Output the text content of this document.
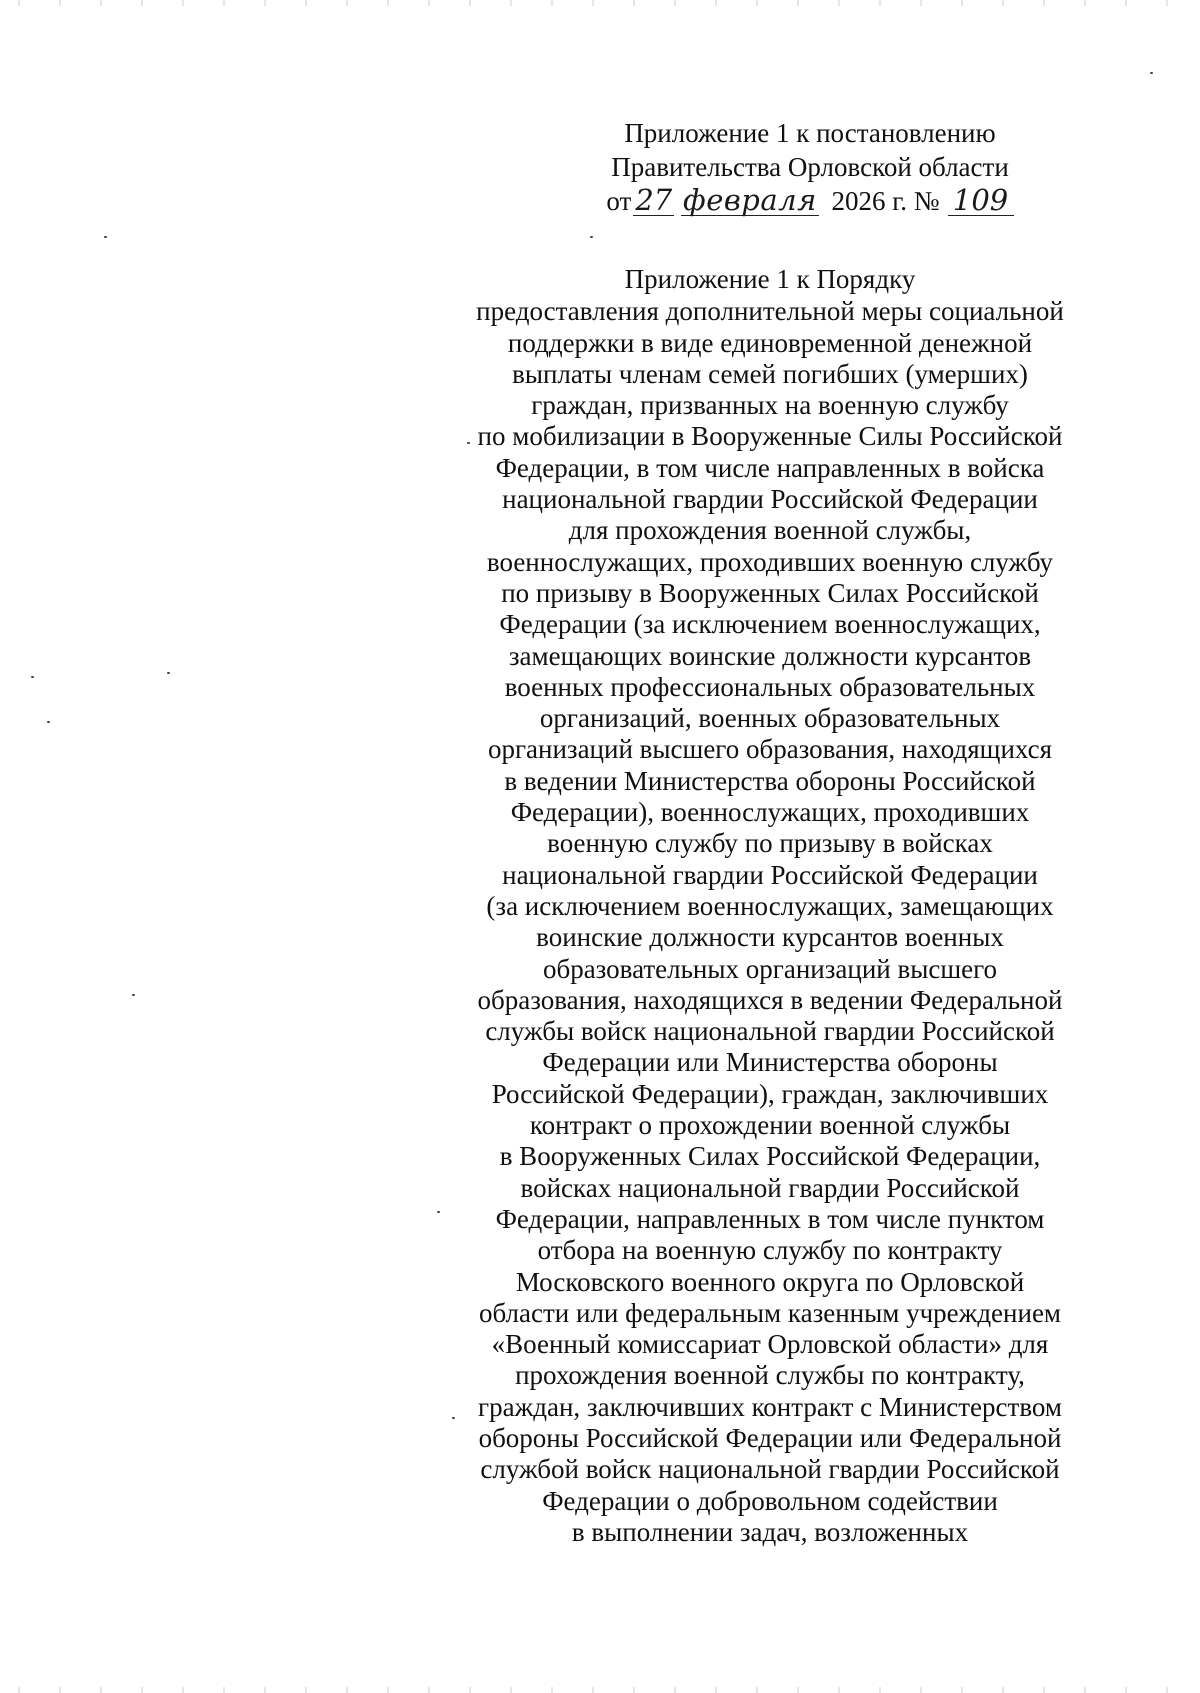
Приложение 1 к постановлению
Правительства Орловской области
от 27 февраля 2026 г. № 109
Приложение 1 к Порядку
предоставления дополнительной меры социальной
поддержки в виде единовременной денежной
выплаты членам семей погибших (умерших)
граждан, призванных на военную службу
по мобилизации в Вооруженные Силы Российской
Федерации, в том числе направленных в войска
национальной гвардии Российской Федерации
для прохождения военной службы,
военнослужащих, проходивших военную службу
по призыву в Вооруженных Силах Российской
Федерации (за исключением военнослужащих,
замещающих воинские должности курсантов
военных профессиональных образовательных
организаций, военных образовательных
организаций высшего образования, находящихся
в ведении Министерства обороны Российской
Федерации), военнослужащих, проходивших
военную службу по призыву в войсках
национальной гвардии Российской Федерации
(за исключением военнослужащих, замещающих
воинские должности курсантов военных
образовательных организаций высшего
образования, находящихся в ведении Федеральной
службы войск национальной гвардии Российской
Федерации или Министерства обороны
Российской Федерации), граждан, заключивших
контракт о прохождении военной службы
в Вооруженных Силах Российской Федерации,
войсках национальной гвардии Российской
Федерации, направленных в том числе пунктом
отбора на военную службу по контракту
Московского военного округа по Орловской
области или федеральным казенным учреждением
«Военный комиссариат Орловской области» для
прохождения военной службы по контракту,
граждан, заключивших контракт с Министерством
обороны Российской Федерации или Федеральной
службой войск национальной гвардии Российской
Федерации о добровольном содействии
в выполнении задач, возложенных
